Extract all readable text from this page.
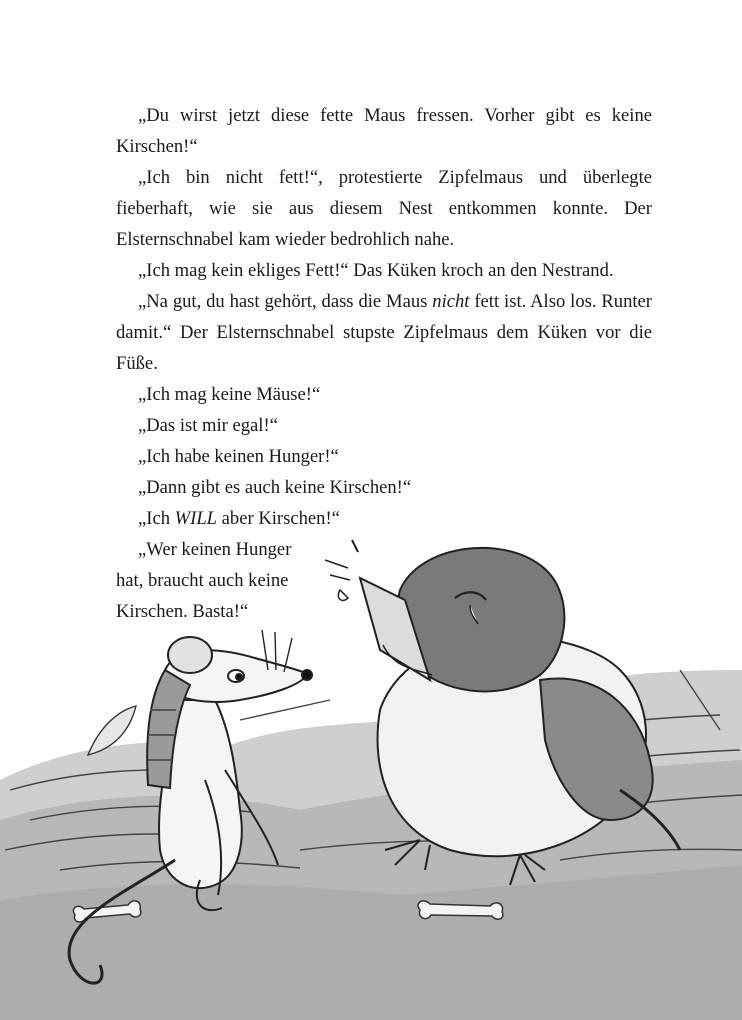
„Du wirst jetzt diese fette Maus fressen. Vorher gibt es keine Kirschen!“

„Ich bin nicht fett!“, protestierte Zipfelmaus und überlegte fieberhaft, wie sie aus diesem Nest entkommen konnte. Der Elsternschnabel kam wieder bedrohlich nahe.

„Ich mag kein ekliges Fett!“ Das Küken kroch an den Nestrand.

„Na gut, du hast gehört, dass die Maus nicht fett ist. Also los. Runter damit.“ Der Elsternschnabel stupste Zipfelmaus dem Küken vor die Füße.

„Ich mag keine Mäuse!“

„Das ist mir egal!“

„Ich habe keinen Hunger!“

„Dann gibt es auch keine Kirschen!“

„Ich WILL aber Kirschen!“

„Wer keinen Hunger

hat, braucht auch keine
Kirschen. Basta!“
